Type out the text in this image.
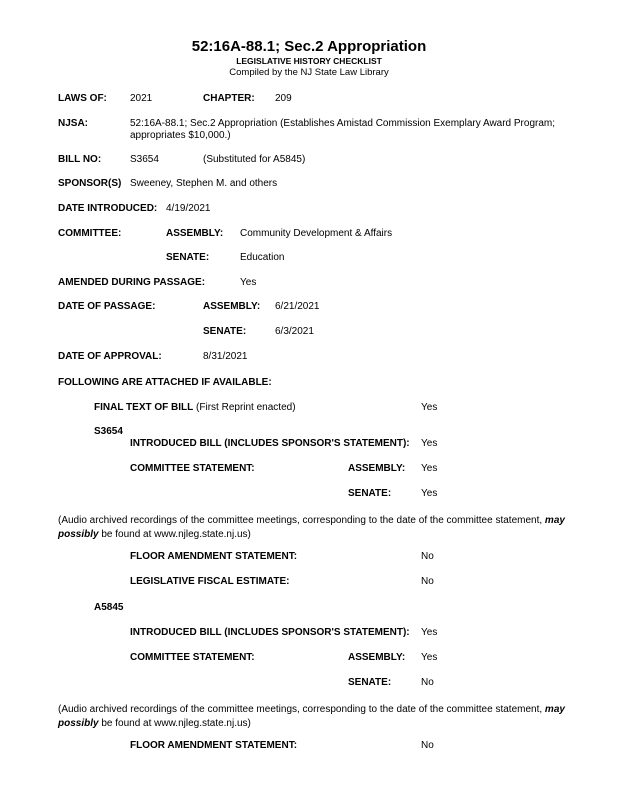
52:16A-88.1; Sec.2 Appropriation
LEGISLATIVE HISTORY CHECKLIST
Compiled by the NJ State Law Library
LAWS OF: 2021	CHAPTER: 209
NJSA:	52:16A-88.1; Sec.2 Appropriation (Establishes Amistad Commission Exemplary Award Program;
appropriates $10,000.)
BILL NO:	S3654	(Substituted for A5845)
SPONSOR(S) Sweeney, Stephen M. and others
DATE INTRODUCED: 4/19/2021
COMMITTEE:	ASSEMBLY: Community Development & Affairs
SENATE:	Education
AMENDED DURING PASSAGE:	Yes
DATE OF PASSAGE:	ASSEMBLY: 6/21/2021
SENATE:	6/3/2021
DATE OF APPROVAL:	8/31/2021
FOLLOWING ARE ATTACHED IF AVAILABLE:
FINAL TEXT OF BILL (First Reprint enacted)	Yes
S3654
INTRODUCED BILL (INCLUDES SPONSOR'S STATEMENT): Yes
COMMITTEE STATEMENT:	ASSEMBLY: Yes
SENATE:	Yes
(Audio archived recordings of the committee meetings, corresponding to the date of the committee statement, may
possibly be found at www.njleg.state.nj.us)
FLOOR AMENDMENT STATEMENT:	No
LEGISLATIVE FISCAL ESTIMATE:	No
A5845
INTRODUCED BILL (INCLUDES SPONSOR'S STATEMENT): Yes
COMMITTEE STATEMENT:	ASSEMBLY: Yes
SENATE:	No
(Audio archived recordings of the committee meetings, corresponding to the date of the committee statement, may
possibly be found at www.njleg.state.nj.us)
FLOOR AMENDMENT STATEMENT:	No
